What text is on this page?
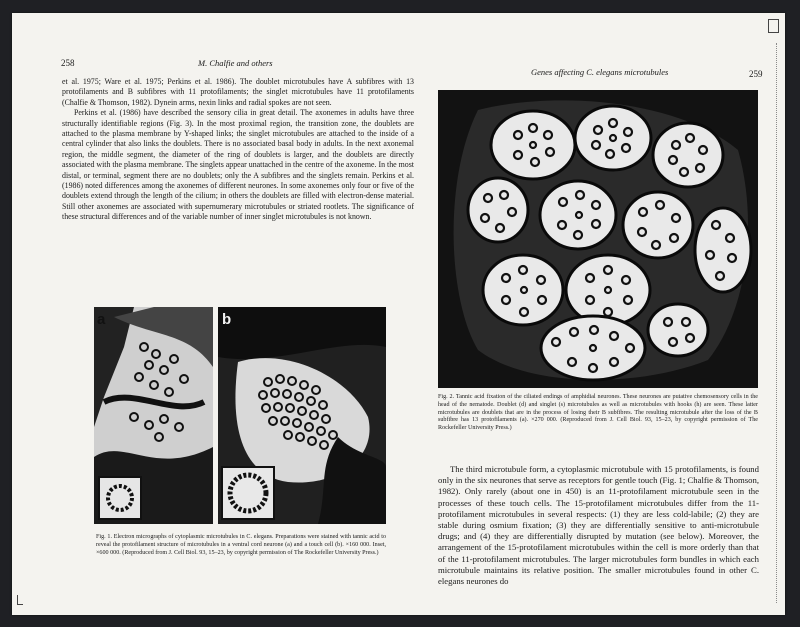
258	M. Chalfie and others

et al. 1975; Ware et al. 1975; Perkins et al. 1986). The doublet microtubules have A subfibres with 13 protofilaments and B subfibres with 11 protofilaments; the singlet microtubules have 11 protofilaments (Chalfie & Thomson, 1982). Dynein arms, nexin links and radial spokes are not seen.

Perkins et al. (1986) have described the sensory cilia in great detail. The axonemes in adults have three structurally identifiable regions (Fig. 3). In the most proximal region, the transition zone, the doublets are attached to the plasma membrane by Y-shaped links; the singlet microtubules are attached to the inside of a central cylinder that also links the doublets. There is no associated basal body in adults. In the next axonemal region, the middle segment, the diameter of the ring of doublets is larger, and the doublets are directly associated with the plasma membrane. The singlets appear unattached in the centre of the axoneme. In the most distal, or terminal, segment there are no doublets; only the A subfibres and the singlets remain. Perkins et al. (1986) noted differences among the axonemes of different neurones. In some axonemes only four or five of the doublets extend through the length of the cilium; in others the doublets are filled with electron-dense material. Still other axonemes are associated with supernumerary microtubules or striated rootlets. The significance of these structural differences and of the variable number of inner singlet microtubules is not known.

a	b

Fig. 1. Electron micrographs of cytoplasmic microtubules in C. elegans. Preparations were stained with tannic acid to reveal the protofilament structure of microtubules in a ventral cord neurone (a) and a touch cell (b). ×160 000. Inset, ×600 000. (Reproduced from J. Cell Biol. 93, 15–23, by copyright permission of The Rockefeller University Press.)

Genes affecting C. elegans microtubules	259

Fig. 2. Tannic acid fixation of the ciliated endings of amphidial neurones. These neurones are putative chemosensory cells in the head of the nematode. Doublet (d) and singlet (s) microtubules as well as microtubules with hooks (h) are seen. These latter microtubules are doublets that are in the process of losing their B subfibres. The resulting microtubule after the loss of the B subfibre has 13 protofilaments (a). ×270 000. (Reproduced from J. Cell Biol. 93, 15–23, by copyright permission of The Rockefeller University Press.)

The third microtubule form, a cytoplasmic microtubule with 15 protofilaments, is found only in the six neurones that serve as receptors for gentle touch (Fig. 1; Chalfie & Thomson, 1982). Only rarely (about one in 450) is an 11-protofilament microtubule seen in the processes of these touch cells. The 15-protofilament microtubules differ from the 11-protofilament microtubules in several respects: (1) they are less cold-labile; (2) they are stable during osmium fixation; (3) they are differentially sensitive to anti-microtubule drugs; and (4) they are differentially disrupted by mutation (see below). Moreover, the arrangement of the 15-protofilament microtubules within the cell is more orderly than that of the 11-protofilament microtubules. The larger microtubules form bundles in which each microtubule maintains its relative position. The smaller microtubules found in other C. elegans neurones do
